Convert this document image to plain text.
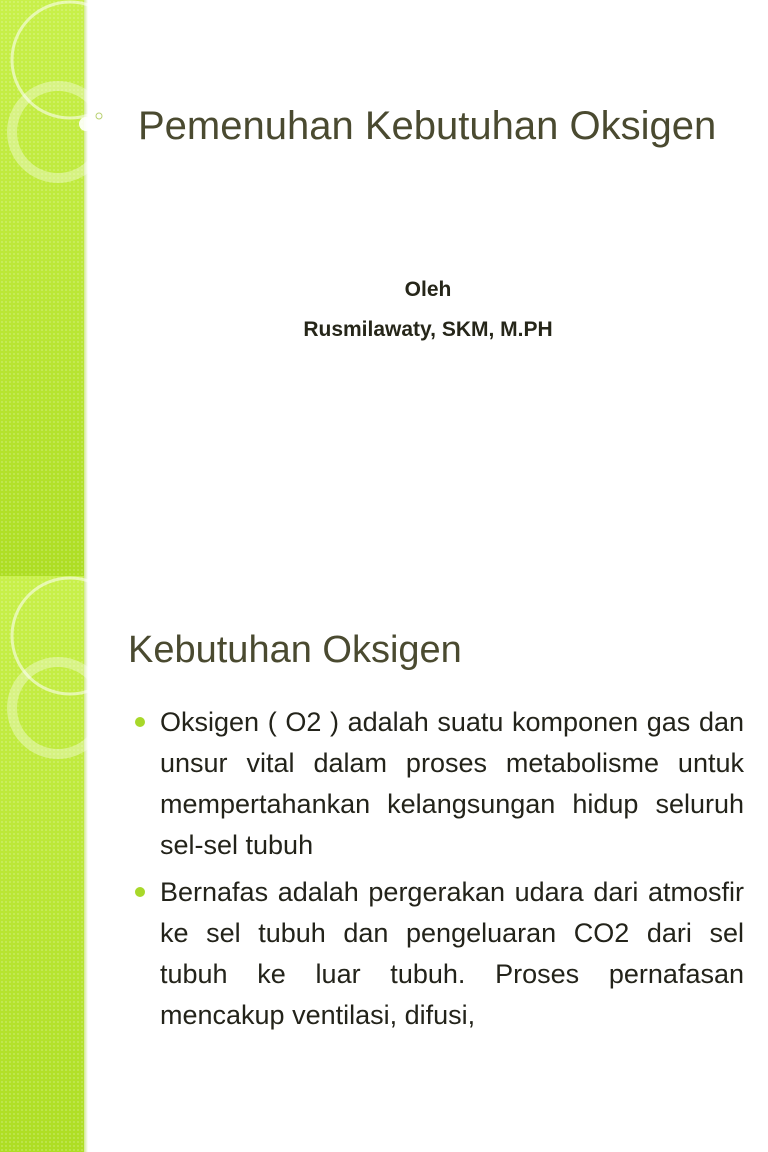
Pemenuhan Kebutuhan Oksigen
Oleh
Rusmilawaty, SKM, M.PH
Kebutuhan Oksigen
Oksigen ( O2 ) adalah suatu komponen gas dan unsur vital dalam proses metabolisme untuk mempertahankan kelangsungan hidup seluruh sel-sel tubuh
Bernafas adalah pergerakan udara dari atmosfir ke sel tubuh dan pengeluaran CO2 dari sel tubuh ke luar tubuh. Proses pernafasan mencakup ventilasi, difusi,
